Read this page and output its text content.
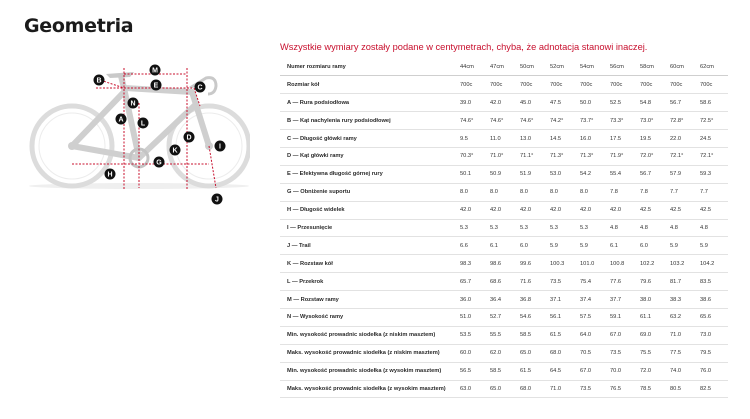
Geometria
M
B
E	C
N
A
L
H
K
G
D
I
J

Wszystkie wymiary zostały podane w centymetrach, chyba, że adnotacja stanowi inaczej.

Numer rozmiaru ramy	44cm	47cm	50cm	52cm	54cm	56cm	58cm	60cm	62cm
Rozmiar kół	700c	700c	700c	700c	700c	700c	700c	700c	700c
A — Rura podsiodłowa	39.0	42.0	45.0	47.5	50.0	52.5	54.8	56.7	58.6
B — Kąt nachylenia rury podsiodłowej	74.6°	74.6°	74.6°	74.2°	73.7°	73.3°	73.0°	72.8°	72.5°
C — Długość główki ramy	9.5	11.0	13.0	14.5	16.0	17.5	19.5	22.0	24.5
D — Kąt główki ramy	70.3°	71.0°	71.1°	71.3°	71.3°	71.9°	72.0°	72.1°	72.1°
E — Efektywna długość górnej rury	50.1	50.9	51.9	53.0	54.2	55.4	56.7	57.9	59.3
G — Obniżenie suportu	8.0	8.0	8.0	8.0	8.0	7.8	7.8	7.7	7.7
H — Długość widelek	42.0	42.0	42.0	42.0	42.0	42.0	42.5	42.5	42.5
I — Przesunięcie	5.3	5.3	5.3	5.3	5.3	4.8	4.8	4.8	4.8
J — Trail	6.6	6.1	6.0	5.9	5.9	6.1	6.0	5.9	5.9
K — Rozstaw kół	98.3	98.6	99.6	100.3	101.0	100.8	102.2	103.2	104.2
L — Przekrok	65.7	68.6	71.6	73.5	75.4	77.6	79.6	81.7	83.5
M — Rozstaw ramy	36.0	36.4	36.8	37.1	37.4	37.7	38.0	38.3	38.6
N — Wysokość ramy	51.0	52.7	54.6	56.1	57.5	59.1	61.1	63.2	65.6
Min. wysokość prowadnic siodełka (z niskim masztem)	53.5	55.5	58.5	61.5	64.0	67.0	69.0	71.0	73.0
Maks. wysokość prowadnic siodełka (z niskim masztem)	60.0	62.0	65.0	68.0	70.5	73.5	75.5	77.5	79.5
Min. wysokość prowadnic siodełka (z wysokim masztem)	56.5	58.5	61.5	64.5	67.0	70.0	72.0	74.0	76.0
Maks. wysokość prowadnic siodełka (z wysokim masztem)	63.0	65.0	68.0	71.0	73.5	76.5	78.5	80.5	82.5
